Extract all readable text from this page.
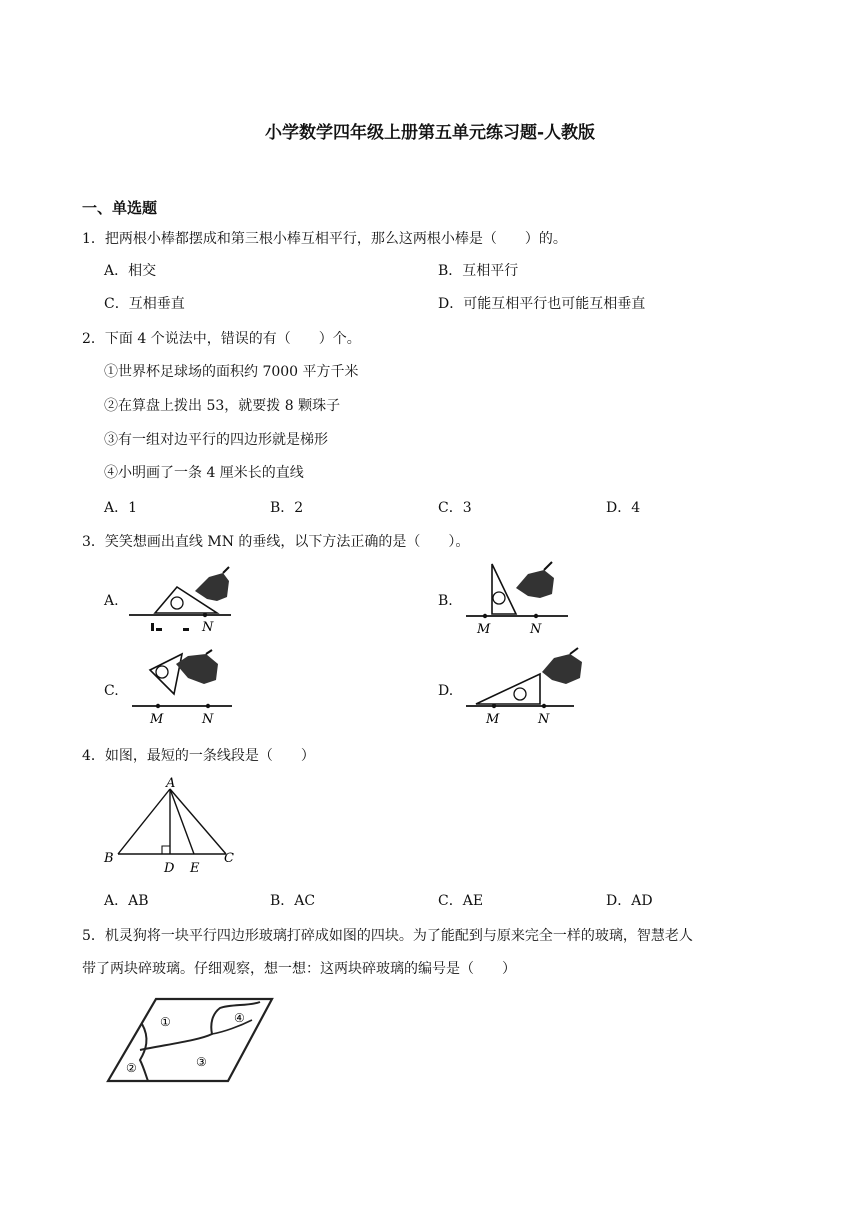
小学数学四年级上册第五单元练习题-人教版
一、单选题
1．把两根小棒都摆成和第三根小棒互相平行，那么这两根小棒是（　　）的。
A．相交	B．互相平行
C．互相垂直	D．可能互相平行也可能互相垂直
2．下面 4 个说法中，错误的有（　　）个。
①世界杯足球场的面积约 7000 平方千米
②在算盘上拨出 53，就要拨 8 颗珠子
③有一组对边平行的四边形就是梯形
④小明画了一条 4 厘米长的直线
A．1	B．2	C．3	D．4
3．笑笑想画出直线 MN 的垂线，以下方法正确的是（　　）。
A.
N
B.
M	N
C.
M	N
D.
M	N
4．如图，最短的一条线段是（　　）
A
B	C
D E
A．AB	B．AC	C．AE	D．AD
5．机灵狗将一块平行四边形玻璃打碎成如图的四块。为了能配到与原来完全一样的玻璃，智慧老人
带了两块碎玻璃。仔细观察，想一想：这两块碎玻璃的编号是（　　）
①
②	③
④
